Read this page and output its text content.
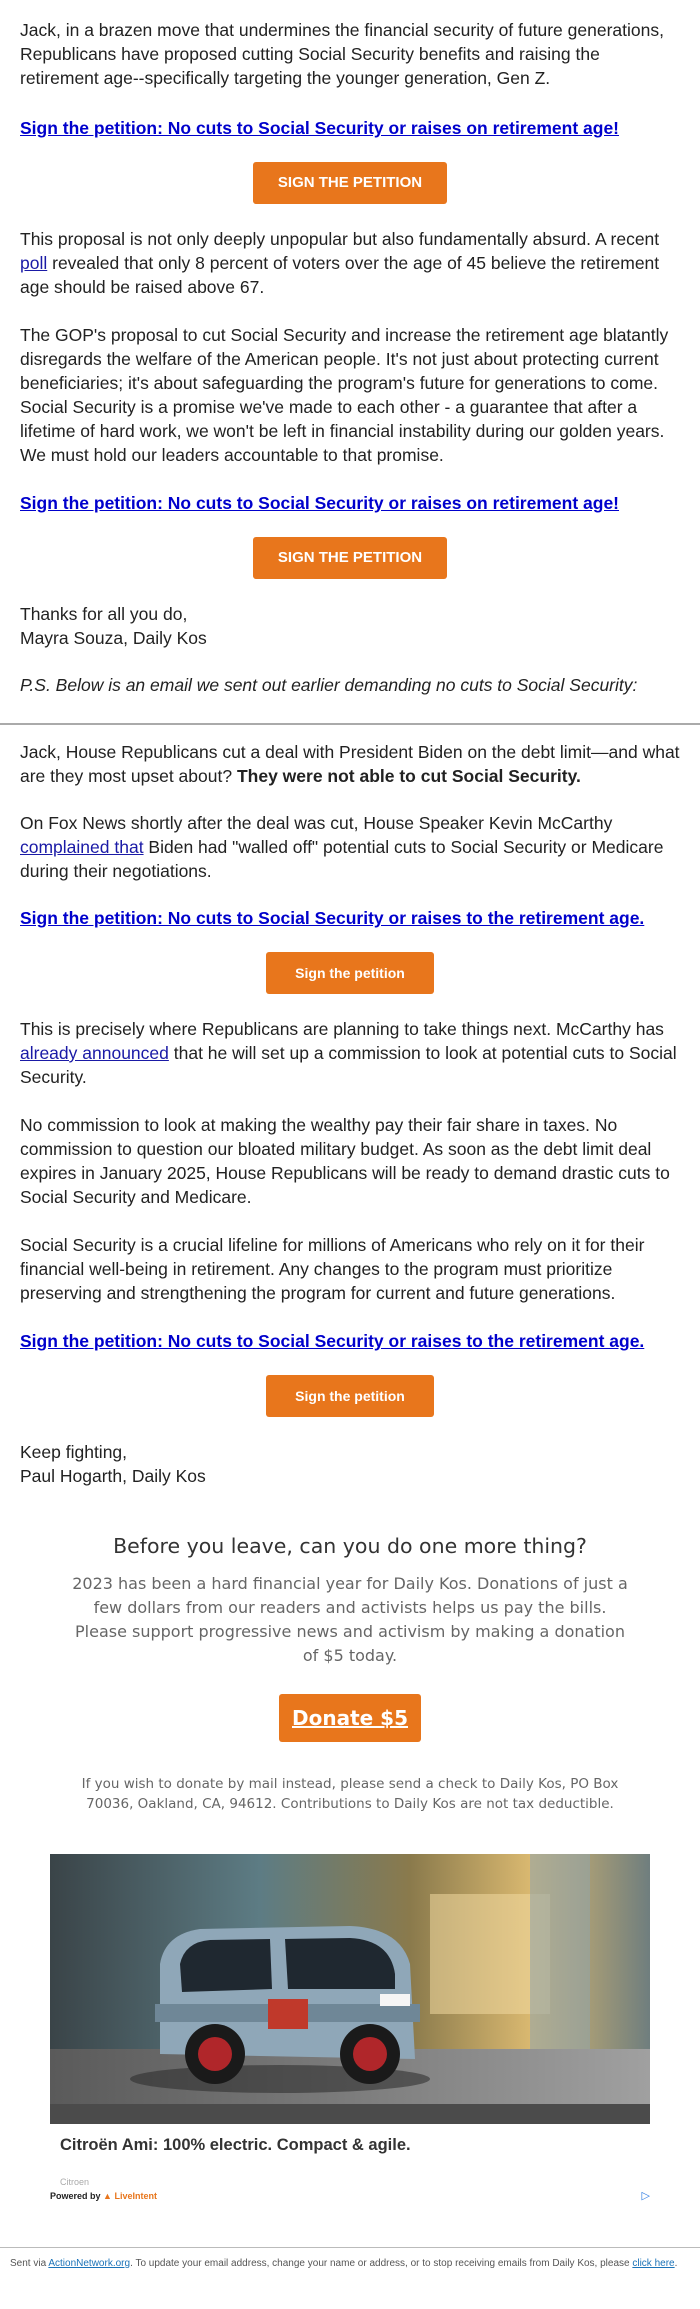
Jack, in a brazen move that undermines the financial security of future generations, Republicans have proposed cutting Social Security benefits and raising the retirement age--specifically targeting the younger generation, Gen Z.

Sign the petition: No cuts to Social Security or raises on retirement age!
SIGN THE PETITION

This proposal is not only deeply unpopular but also fundamentally absurd. A recent poll revealed that only 8 percent of voters over the age of 45 believe the retirement age should be raised above 67.

The GOP's proposal to cut Social Security and increase the retirement age blatantly disregards the welfare of the American people. It's not just about protecting current beneficiaries; it's about safeguarding the program's future for generations to come. Social Security is a promise we've made to each other - a guarantee that after a lifetime of hard work, we won't be left in financial instability during our golden years. We must hold our leaders accountable to that promise.

Sign the petition: No cuts to Social Security or raises on retirement age!
SIGN THE PETITION

Thanks for all you do,
Mayra Souza, Daily Kos

P.S. Below is an email we sent out earlier demanding no cuts to Social Security:

Jack, House Republicans cut a deal with President Biden on the debt limit—and what are they most upset about? They were not able to cut Social Security.

On Fox News shortly after the deal was cut, House Speaker Kevin McCarthy complained that Biden had "walled off" potential cuts to Social Security or Medicare during their negotiations.

Sign the petition: No cuts to Social Security or raises to the retirement age.
Sign the petition

This is precisely where Republicans are planning to take things next. McCarthy has already announced that he will set up a commission to look at potential cuts to Social Security.

No commission to look at making the wealthy pay their fair share in taxes. No commission to question our bloated military budget. As soon as the debt limit deal expires in January 2025, House Republicans will be ready to demand drastic cuts to Social Security and Medicare.

Social Security is a crucial lifeline for millions of Americans who rely on it for their financial well-being in retirement. Any changes to the program must prioritize preserving and strengthening the program for current and future generations.

Sign the petition: No cuts to Social Security or raises to the retirement age.
Sign the petition

Keep fighting,
Paul Hogarth, Daily Kos

Before you leave, can you do one more thing?

2023 has been a hard financial year for Daily Kos. Donations of just a few dollars from our readers and activists helps us pay the bills. Please support progressive news and activism by making a donation of $5 today.

Donate $5

If you wish to donate by mail instead, please send a check to Daily Kos, PO Box 70036, Oakland, CA, 94612. Contributions to Daily Kos are not tax deductible.

Citroën Ami: 100% electric. Compact & agile.
Citroen
Powered by ▲ LiveIntent	▷
Sent via ActionNetwork.org. To update your email address, change your name or address, or to stop receiving emails from Daily Kos, please click here.
